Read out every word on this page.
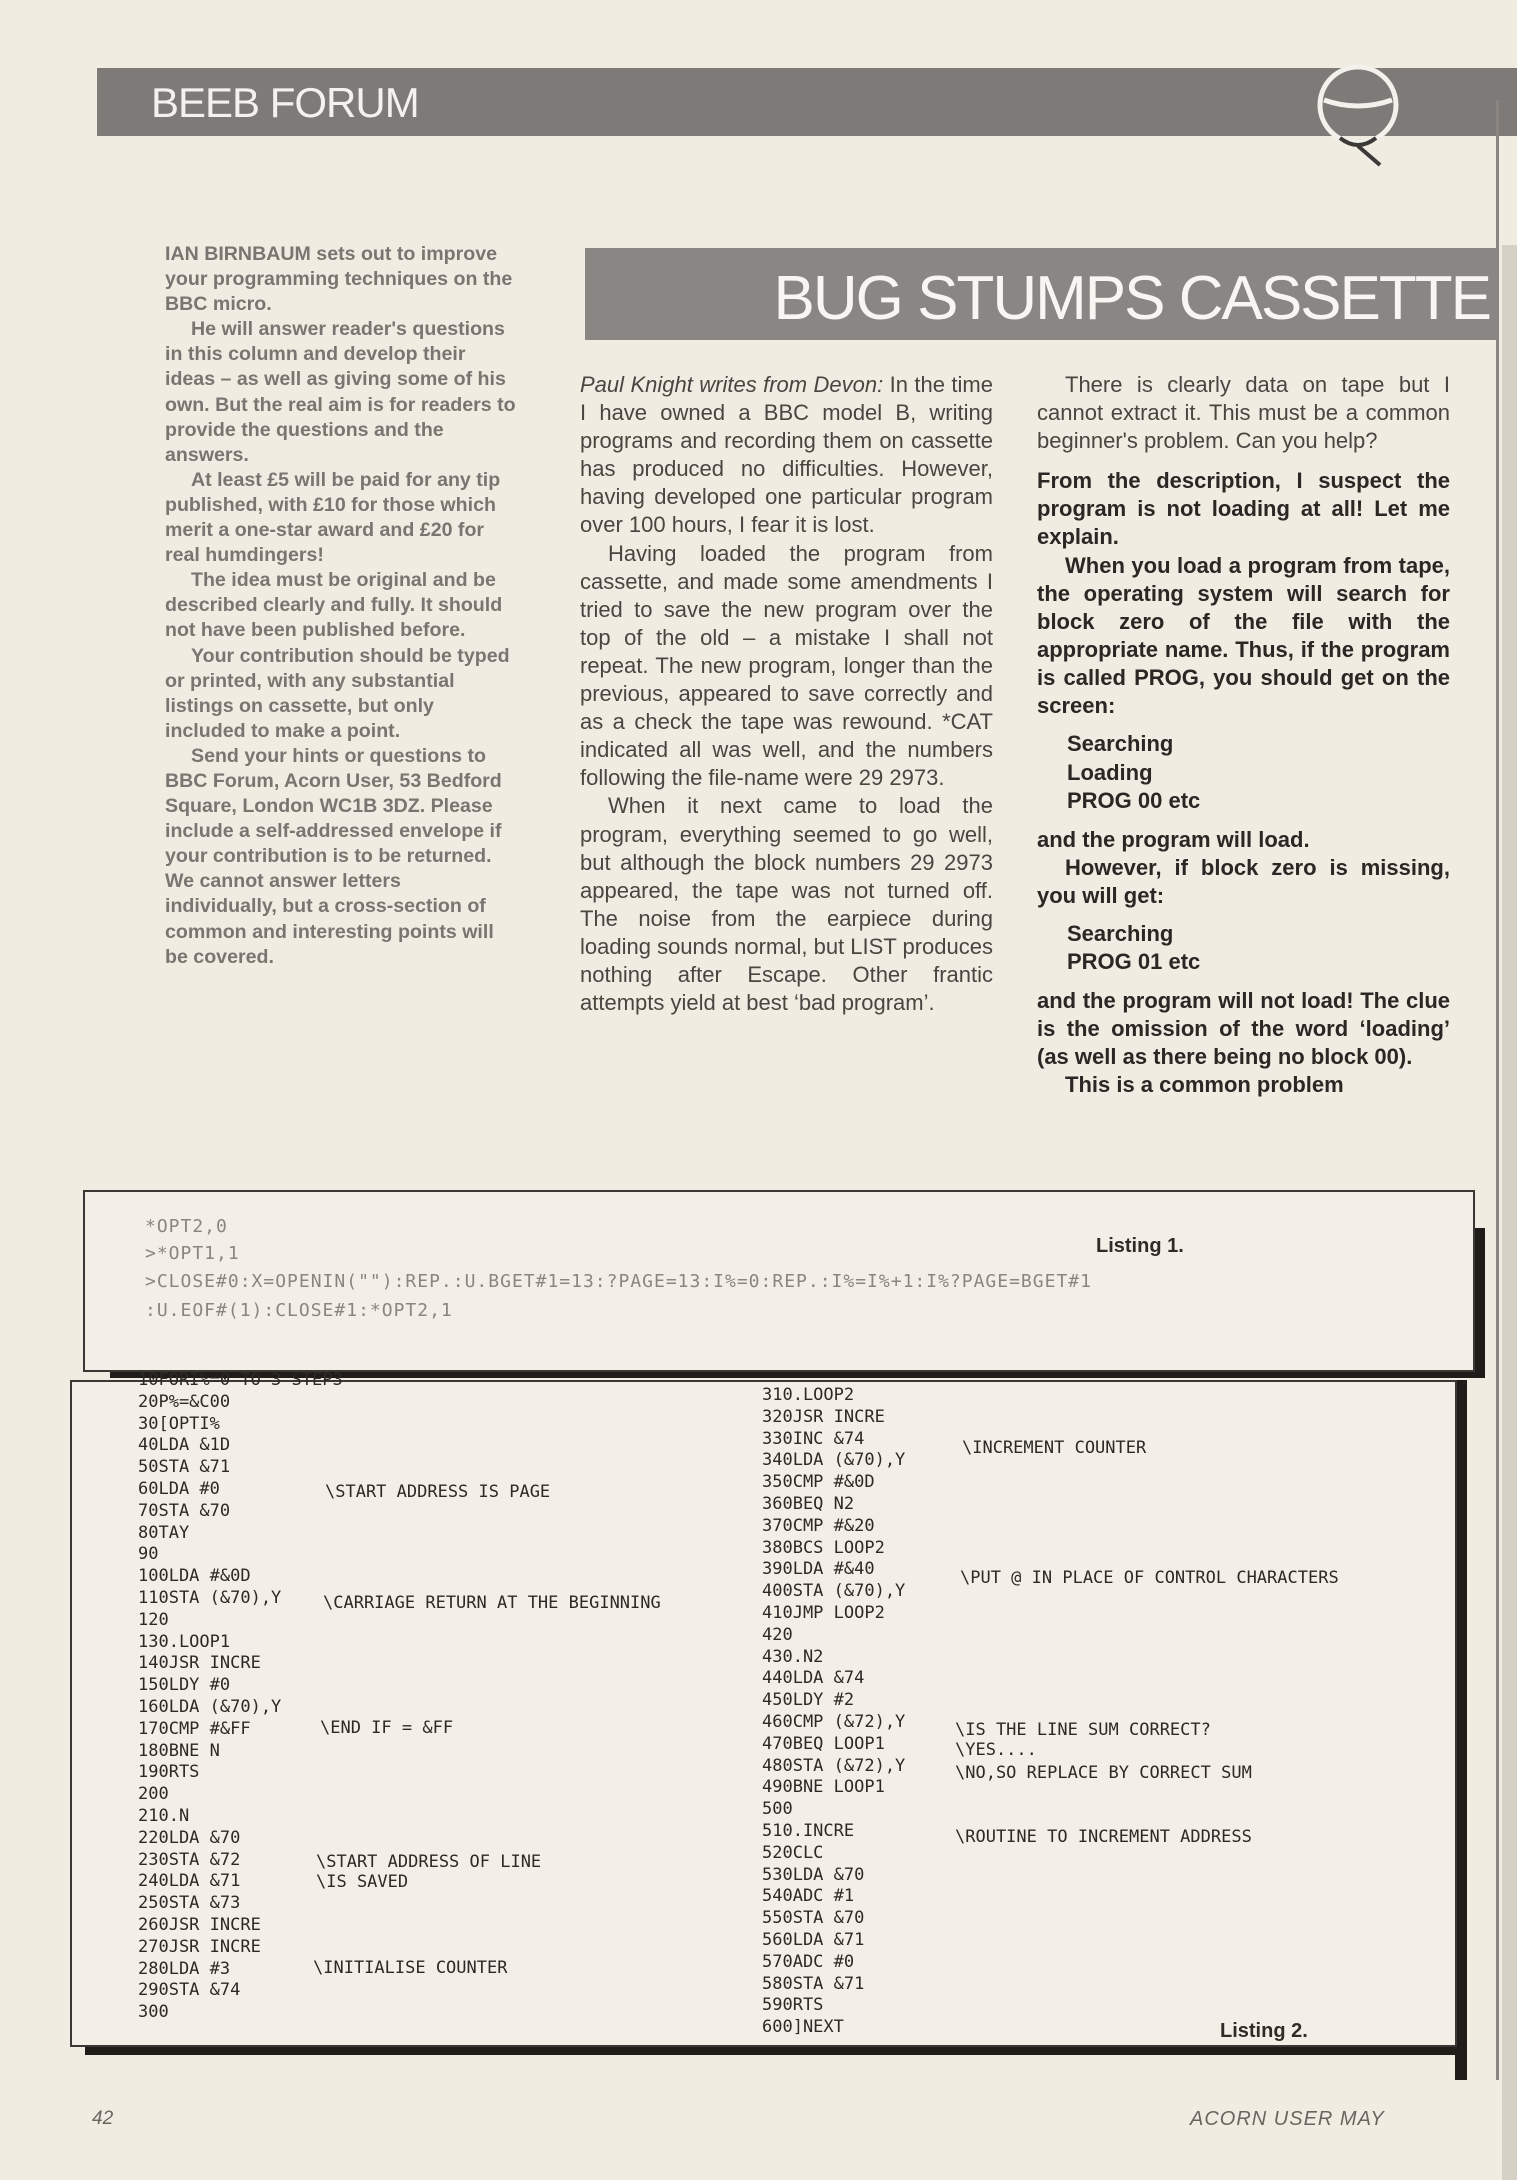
BEEB FORUM
BUG STUMPS CASSETTE

IAN BIRNBAUM sets out to improve your programming techniques on the BBC micro.

He will answer reader's questions in this column and develop their ideas – as well as giving some of his own. But the real aim is for readers to provide the questions and the answers.

At least £5 will be paid for any tip published, with £10 for those which merit a one-star award and £20 for real humdingers!

The idea must be original and be described clearly and fully. It should not have been published before.

Your contribution should be typed or printed, with any substantial listings on cassette, but only included to make a point.

Send your hints or questions to BBC Forum, Acorn User, 53 Bedford Square, London WC1B 3DZ. Please include a self-addressed envelope if your contribution is to be returned. We cannot answer letters individually, but a cross-section of common and interesting points will be covered.

Paul Knight writes from Devon: In the time I have owned a BBC model B, writing programs and recording them on cassette has produced no difficulties. However, having developed one particular program over 100 hours, I fear it is lost.

Having loaded the program from cassette, and made some amendments I tried to save the new program over the top of the old – a mistake I shall not repeat. The new program, longer than the previous, appeared to save correctly and as a check the tape was rewound. *CAT indicated all was well, and the numbers following the file-name were 29 2973.

When it next came to load the program, everything seemed to go well, but although the block numbers 29 2973 appeared, the tape was not turned off. The noise from the earpiece during loading sounds normal, but LIST produces nothing after Escape. Other frantic attempts yield at best ‘bad program’.

There is clearly data on tape but I cannot extract it. This must be a common beginner's problem. Can you help?

From the description, I suspect the program is not loading at all! Let me explain.

When you load a program from tape, the operating system will search for block zero of the file with the appropriate name. Thus, if the program is called PROG, you should get on the screen:

Searching
Loading
PROG 00 etc

and the program will load.

However, if block zero is missing, you will get:

Searching
PROG 01 etc

and the program will not load! The clue is the omission of the word ‘loading’ (as well as there being no block 00).

This is a common problem

*OPT2,0
>*OPT1,1
>CLOSE#0:X=OPENIN(""):REP.:U.BGET#1=13:?PAGE=13:I%=0:REP.:I%=I%+1:I%?PAGE=BGET#1
:U.EOF#(1):CLOSE#1:*OPT2,1
Listing 1.
10FORI%=0 TO 3 STEP3
20P%=&C00
30[OPTI%
40LDA &1D
50STA &71
60LDA #0
70STA &70
80TAY
90
100LDA #&0D
110STA (&70),Y
120
130.LOOP1
140JSR INCRE
150LDY #0
160LDA (&70),Y
170CMP #&FF
180BNE N
190RTS
200
210.N
220LDA &70
230STA &72
240LDA &71
250STA &73
260JSR INCRE
270JSR INCRE
280LDA #3
290STA &74
300
310.LOOP2
320JSR INCRE
330INC &74
340LDA (&70),Y
350CMP #&0D
360BEQ N2
370CMP #&20
380BCS LOOP2
390LDA #&40
400STA (&70),Y
410JMP LOOP2
420
430.N2
440LDA &74
450LDY #2
460CMP (&72),Y
470BEQ LOOP1
480STA (&72),Y
490BNE LOOP1
500
510.INCRE
520CLC
530LDA &70
540ADC #1
550STA &70
560LDA &71
570ADC #0
580STA &71
590RTS
600]NEXT
\START ADDRESS IS PAGE
\CARRIAGE RETURN AT THE BEGINNING
\END IF = &FF
\START ADDRESS OF LINE
\IS SAVED
\INITIALISE COUNTER
\INCREMENT COUNTER
\PUT @ IN PLACE OF CONTROL CHARACTERS
\IS THE LINE SUM CORRECT?
\YES....
\NO,SO REPLACE BY CORRECT SUM
\ROUTINE TO INCREMENT ADDRESS
Listing 2.
42	ACORN USER MAY
